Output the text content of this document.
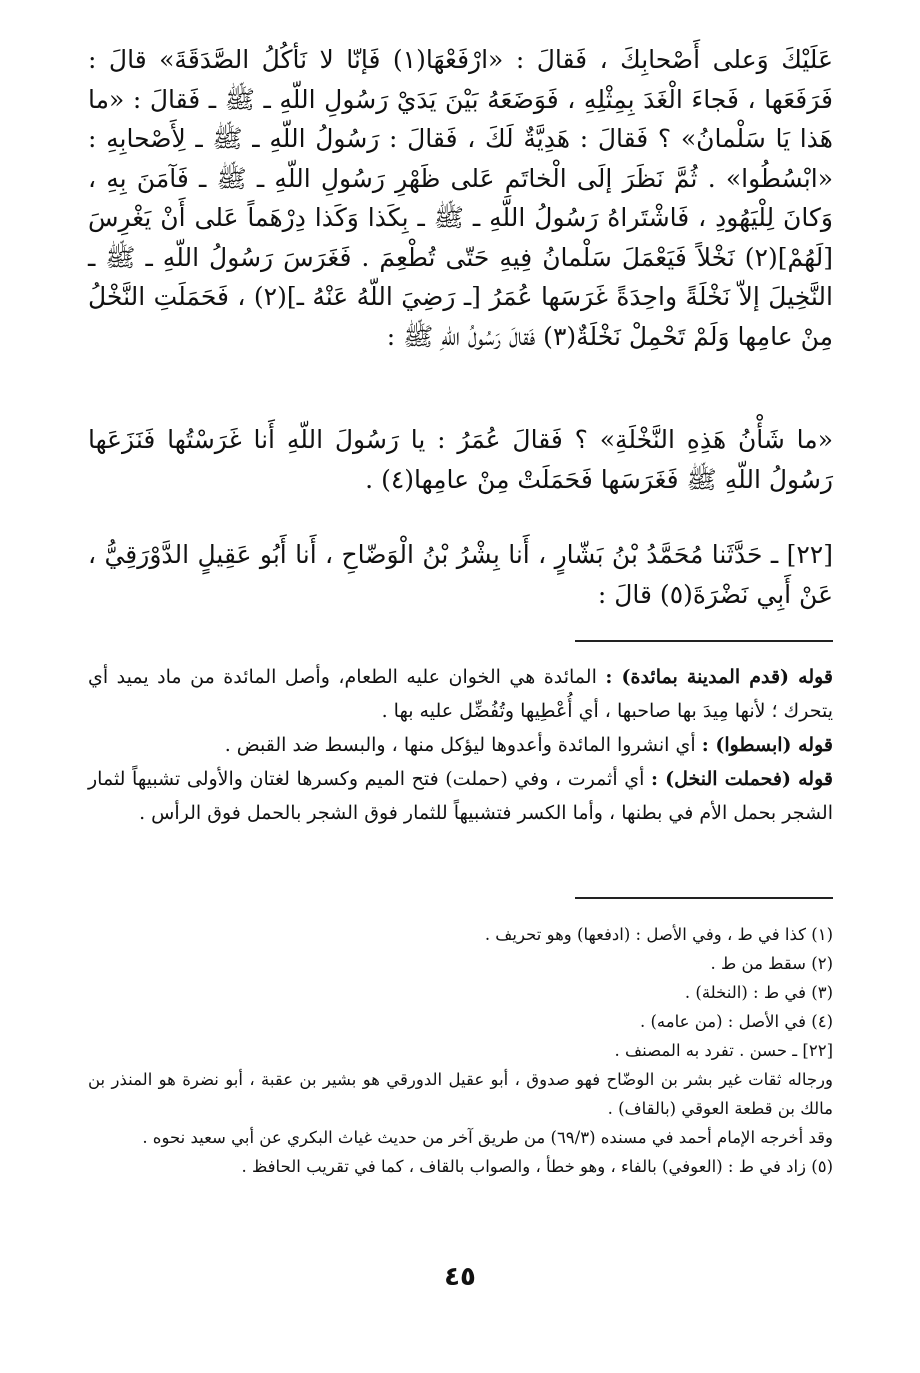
عَلَيْكَ وَعلى أَصْحابِكَ ، فَقالَ : «ارْفَعْهَا(١) فَإنّا لا نَأكُلُ الصَّدَقَةَ» قالَ : فَرَفَعَها ، فَجاءَ الْغَدَ بِمِثْلِهِ ، فَوَضَعَهُ بَيْنَ يَدَيْ رَسُولِ اللّهِ ـ ﷺ ـ فَقالَ : «ما هَذا يَا سَلْمانُ» ؟ فَقالَ : هَدِيَّةٌ لَكَ ، فَقالَ : رَسُولُ اللّهِ ـ ﷺ ـ لِأَصْحابِهِ : «ابْسُطُوا» . ثُمَّ نَظَرَ إلَى الْخاتَمِ عَلى ظَهْرِ رَسُولِ اللّهِ ـ ﷺ ـ فَآمَنَ بِهِ ، وَكانَ لِلْيَهُودِ ، فَاشْتَراهُ رَسُولُ اللّهِ ـ ﷺ ـ بِكَذا وَكَذا دِرْهَماً عَلى أَنْ يَغْرِسَ [لَهُمْ](٢) نَخْلاً فَيَعْمَلَ سَلْمانُ فِيهِ حَتّى تُطْعِمَ . فَغَرَسَ رَسُولُ اللّهِ ـ ﷺ ـ النَّخِيلَ إلاّ نَخْلَةً واحِدَةً غَرَسَها عُمَرُ [ـ رَضِيَ اللّهُ عَنْهُ ـ](٢) ، فَحَمَلَتِ النَّخْلُ مِنْ عامِها وَلَمْ تَحْمِلْ نَخْلَةٌ(٣) فَقالَ رَسُولُ اللّهِ ﷺ :
«ما شَأْنُ هَذِهِ النَّخْلَةِ» ؟ فَقالَ عُمَرُ : يا رَسُولَ اللّهِ أَنا غَرَسْتُها فَنَزَعَها رَسُولُ اللّهِ ﷺ فَغَرَسَها فَحَمَلَتْ مِنْ عامِها(٤) .
[٢٢] ـ حَدَّثَنا مُحَمَّدُ بْنُ بَشّارٍ ، أَنا بِشْرُ بْنُ الْوَضّاحِ ، أَنا أَبُو عَقِيلٍ الدَّوْرَقِيُّ ، عَنْ أَبِي نَضْرَةَ(٥) قالَ :
قوله (قدم المدينة بمائدة) : المائدة هي الخوان عليه الطعام، وأصل المائدة من ماد يميد أي يتحرك ؛ لأنها مِيدَ بها صاحبها ، أي أُعْطِيها وتُفُضِّل عليه بها .
قوله (ابسطوا) : أي انشروا المائدة وأعدوها ليؤكل منها ، والبسط ضد القبض .
قوله (فحملت النخل) : أي أثمرت ، وفي (حملت) فتح الميم وكسرها لغتان والأولى تشبيهاً لثمار الشجر بحمل الأم في بطنها ، وأما الكسر فتشبيهاً للثمار فوق الشجر بالحمل فوق الرأس .
(١) كذا في ط ، وفي الأصل : (ادفعها) وهو تحريف .
(٢) سقط من ط .
(٣) في ط : (النخلة) .
(٤) في الأصل : (من عامه) .
[٢٢] ـ حسن . تفرد به المصنف .
ورجاله ثقات غير بشر بن الوضّاح فهو صدوق ، أبو عقيل الدورقي هو بشير بن عقبة ، أبو نضرة هو المنذر بن مالك بن قطعة العوقي (بالقاف) .
وقد أخرجه الإمام أحمد في مسنده (٦٩/٣) من طريق آخر من حديث غياث البكري عن أبي سعيد نحوه .
(٥) زاد في ط : (العوفي) بالفاء ، وهو خطأ ، والصواب بالقاف ، كما في تقريب الحافظ .
٤٥
